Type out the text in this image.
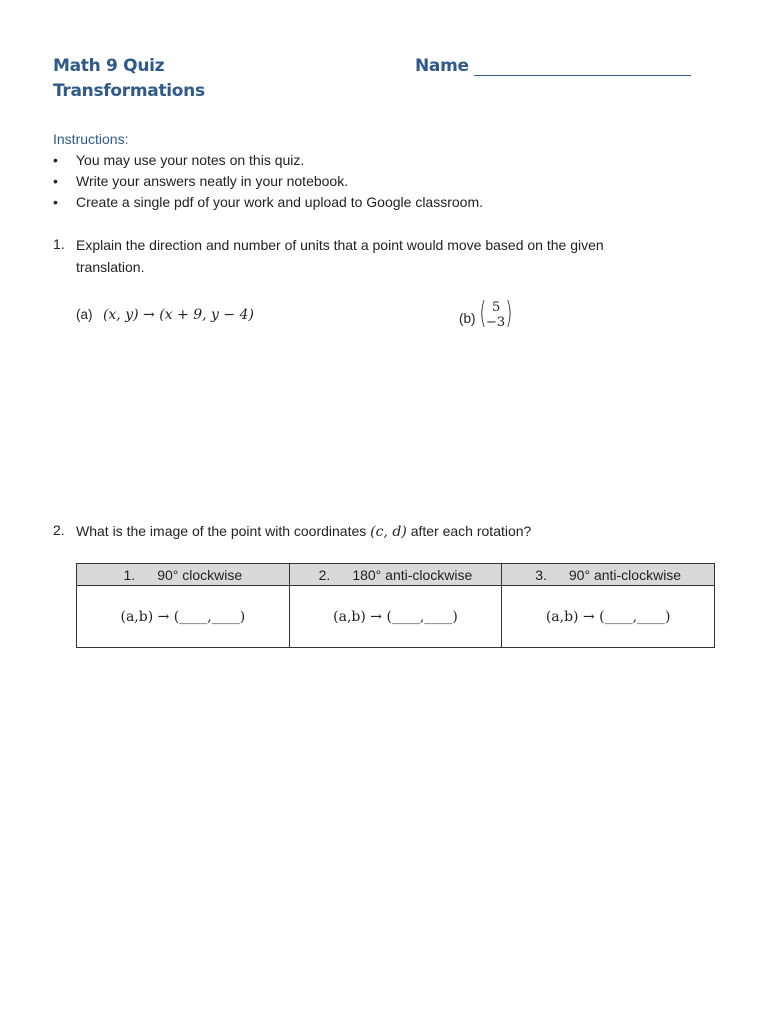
Math 9 Quiz
Transformations
Name
Instructions:
• You may use your notes on this quiz.
• Write your answers neatly in your notebook.
• Create a single pdf of your work and upload to Google classroom.
1. Explain the direction and number of units that a point would move based on the given
translation.
(a) (x, y) → (x + 9, y − 4)	$^{(b)}$ ( 5
−3 )
2. What is the image of the point with coordinates (c, d) after each rotation?
1. 90° clockwise	2. 180° anti-clockwise	3. 90° anti-clockwise
(a,b) → (____,____)	(a,b) → (____,____)	(a,b) → (____,____)
